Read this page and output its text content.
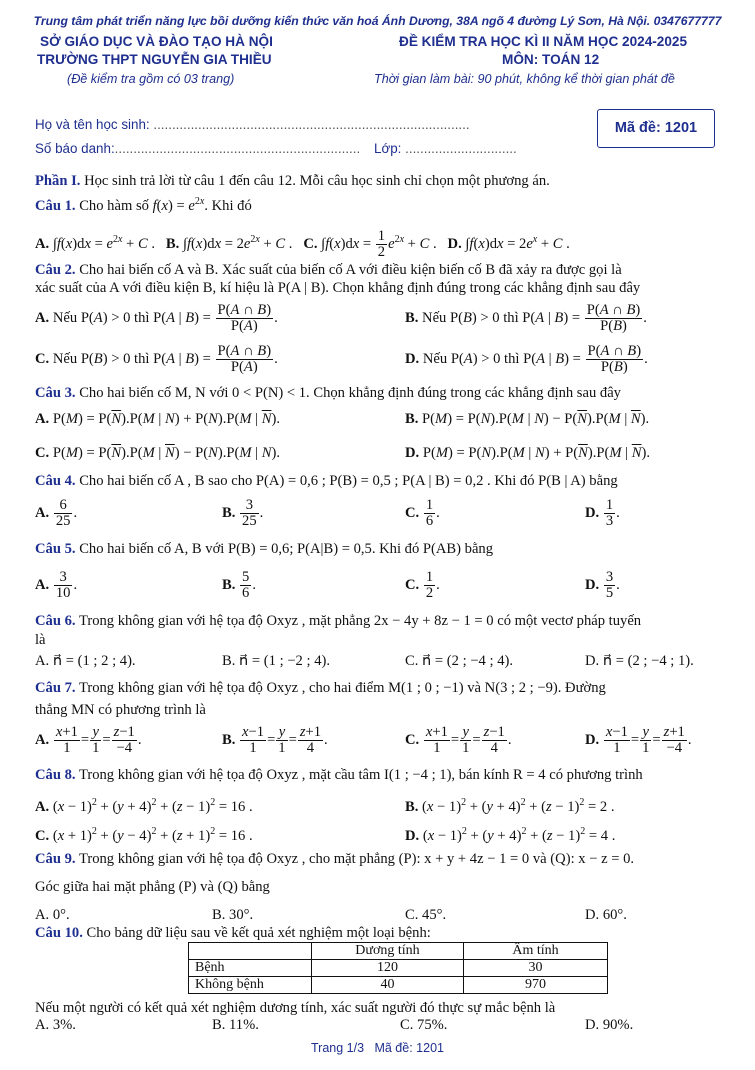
Trung tâm phát triển năng lực bồi dưỡng kiến thức văn hoá Ánh Dương, 38A ngõ 4 đường Lý Sơn, Hà Nội. 0347677777
SỞ GIÁO DỤC VÀ ĐÀO TẠO HÀ NỘI
TRƯỜNG THPT NGUYỄN GIA THIỀU
(Đề kiểm tra gồm có 03 trang)
ĐỀ KIỂM TRA HỌC KÌ II NĂM HỌC 2024-2025
MÔN: TOÁN 12
Thời gian làm bài: 90 phút, không kể thời gian phát đề
Họ và tên học sinh: .....................................................................................
Số báo danh:.................................................................. Lớp: ..............................
Mã đề: 1201
Phần I. Học sinh trả lời từ câu 1 đến câu 12. Mỗi câu học sinh chỉ chọn một phương án.
Câu 1. Cho hàm số $f(x) = e^{2x}$. Khi đó
A. $\int f(x)dx = e^{2x} + C$ .   B. $\int f(x)dx = 2e^{2x} + C$ .   C. $\int f(x)dx = \frac{1}{2} e^{2x} + C$ .   D. $\int f(x)dx = 2e^x + C$ .
Câu 2. Cho hai biến cố A và B. Xác suất của biến cố A với điều kiện biến cố B đã xảy ra được gọi là
xác suất của A với điều kiện B, kí hiệu là P(A | B). Chọn khẳng định đúng trong các khẳng định sau đây
A. Nếu P(A) > 0 thì P(A | $B) = \frac{P(A \cap B)}{P(A)}$ .	B. Nếu P(B) > 0 thì P(A | $B) = \frac{P(A \cap B)}{P(B)}$ .
C. Nếu P(B) > 0 thì P(A | $B) = \frac{P(A \cap B)}{P(A)}$ .	D. Nếu P(A) > 0 thì P(A | $B) = \frac{P(A \cap B)}{P(B)}$ .
Câu 3. Cho hai biến cố M, N với 0 < P(N) < 1. Chọn khẳng định đúng trong các khẳng định sau đây
A. $P(M) = P(\overline{N}).P(M$ | N) + P(N).P(M | $\overline{N}$).	B. P(M) = P(N).P(M | $N) - P(\overline{N}).P(M$ | $\overline{N}$).
C. $P(M) = P(\overline{N}).P(M$ | $\overline{N}) - P(N).P(M$ | N).	D. P(M) = P(N).P(M | $N) + P(\overline{N}).P(M$ | $\overline{N}$).
Câu 4. Cho hai biến cố A , B sao cho P(A) = 0,6 ; P(B) = 0,5 ; P(A | B) = 0,2 . Khi đó P(B | A) bằng
A. $\frac{6}{25}$ .	B. $\frac{3}{25}$ .	C. $\frac{1}{6}$ .	D. $\frac{1}{3}$ .
Câu 5. Cho hai biến cố A, B với P(B) = 0,6; P(A|B) = 0,5. Khi đó P(AB) bằng
A. $\frac{3}{10}$ .	B. $\frac{5}{6}$ .	C. $\frac{1}{2}$ .	D. $\frac{3}{5}$ .
Câu 6. Trong không gian với hệ tọa độ Oxyz , mặt phẳng 2x − 4y + 8z − 1 = 0 có một vectơ pháp tuyến
là
A. n⃗ = (1 ; 2 ; 4).	B. n⃗ = (1 ; −2 ; 4).	C. n⃗ = (2 ; −4 ; 4).	D. n⃗ = (2 ; −4 ; 1).
Câu 7. Trong không gian với hệ tọa độ Oxyz , cho hai điểm M(1 ; 0 ; −1) và N(3 ; 2 ; −9). Đường
thẳng MN có phương trình là
A. $\frac{x+1}{1} = \frac{y}{1} = \frac{z-1}{-4}$ .	B. $\frac{x-1}{1} = \frac{y}{1} = \frac{z+1}{4}$ .	C. $\frac{x+1}{1} = \frac{y}{1} = \frac{z-1}{4}$ .	D. $\frac{x-1}{1} = \frac{y}{1} = \frac{z+1}{-4}$ .
Câu 8. Trong không gian với hệ tọa độ Oxyz , mặt cầu tâm I(1 ; −4 ; 1), bán kính R = 4 có phương trình
A. $(x - 1)^2 + (y + 4)^2 + (z - 1)^2 = 16$ .	B. $(x - 1)^2 + (y + 4)^2 + (z - 1)^2 = 2$ .
C. $(x + 1)^2 + (y - 4)^2 + (z + 1)^2 = 16$ .	D. $(x - 1)^2 + (y + 4)^2 + (z - 1)^2 = 4$ .
Câu 9. Trong không gian với hệ tọa độ Oxyz , cho mặt phẳng (P): x + y + 4z − 1 = 0 và (Q): x − z = 0.
Góc giữa hai mặt phẳng (P) và (Q) bằng
A. 0°.	B. 30°.	C. 45°.	D. 60°.
Câu 10. Cho bảng dữ liệu sau về kết quả xét nghiệm một loại bệnh:
	Dương tính	Âm tính
Bệnh	120	30
Không bệnh	40	970
Nếu một người có kết quả xét nghiệm dương tính, xác suất người đó thực sự mắc bệnh là
A. 3%.	B. 11%.	C. 75%.	D. 90%.
Trang 1/3   Mã đề: 1201
